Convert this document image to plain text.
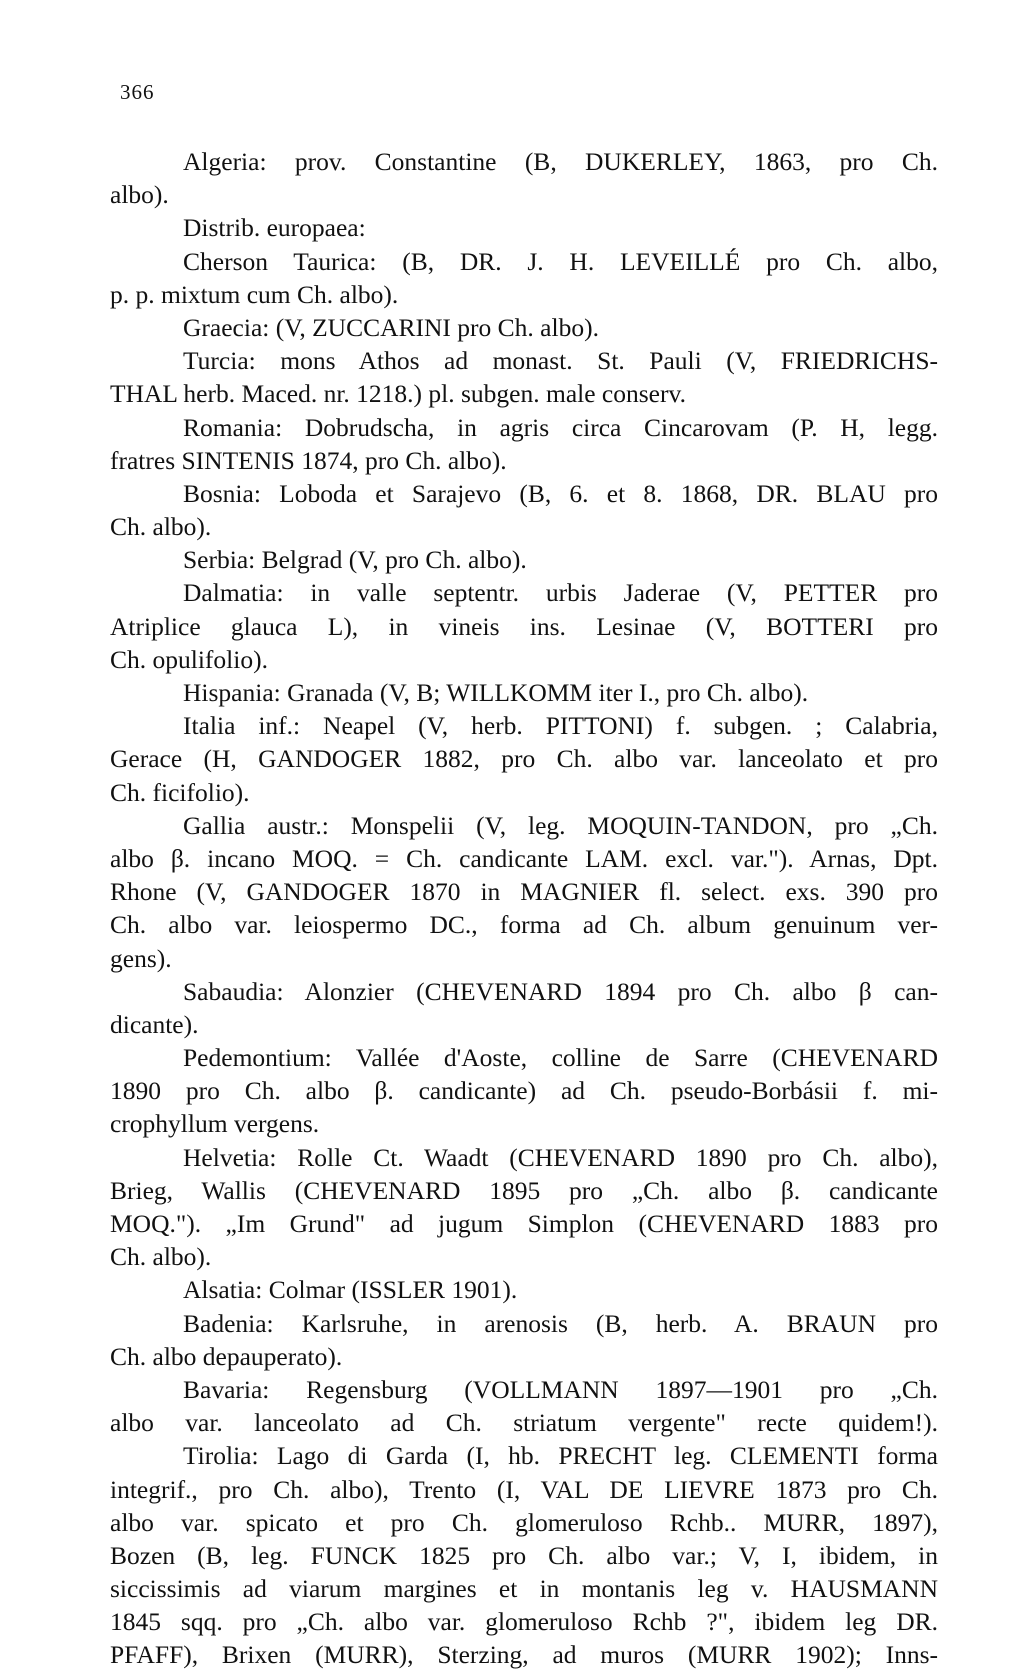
366
Algeria: prov. Constantine (B, DUKERLEY, 1863, pro Ch.
albo).
Distrib. europaea:
Cherson Taurica: (B, DR. J. H. LEVEILLÉ pro Ch. albo,
p. p. mixtum cum Ch. albo).
Graecia: (V, ZUCCARINI pro Ch. albo).
Turcia: mons Athos ad monast. St. Pauli (V, FRIEDRICHS-
THAL herb. Maced. nr. 1218.) pl. subgen. male conserv.
Romania: Dobrudscha, in agris circa Cincarovam (P. H, legg.
fratres SINTENIS 1874, pro Ch. albo).
Bosnia: Loboda et Sarajevo (B, 6. et 8. 1868, DR. BLAU pro
Ch. albo).
Serbia: Belgrad (V, pro Ch. albo).
Dalmatia: in valle septentr. urbis Jaderae (V, PETTER pro
Atriplice glauca L), in vineis ins. Lesinae (V, BOTTERI pro
Ch. opulifolio).
Hispania: Granada (V, B; WILLKOMM iter I., pro Ch. albo).
Italia inf.: Neapel (V, herb. PITTONI) f. subgen. ; Calabria,
Gerace (H, GANDOGER 1882, pro Ch. albo var. lanceolato et pro
Ch. ficifolio).
Gallia austr.: Monspelii (V, leg. MOQUIN-TANDON, pro „Ch.
albo β. incano MOQ. = Ch. candicante LAM. excl. var."). Arnas, Dpt.
Rhone (V, GANDOGER 1870 in MAGNIER fl. select. exs. 390 pro
Ch. albo var. leiospermo DC., forma ad Ch. album genuinum ver-
gens).
Sabaudia: Alonzier (CHEVENARD 1894 pro Ch. albo β can-
dicante).
Pedemontium: Vallée d'Aoste, colline de Sarre (CHEVENARD
1890 pro Ch. albo β. candicante) ad Ch. pseudo-Borbásii f. mi-
crophyllum vergens.
Helvetia: Rolle Ct. Waadt (CHEVENARD 1890 pro Ch. albo),
Brieg, Wallis (CHEVENARD 1895 pro „Ch. albo β. candicante
MOQ."). „Im Grund" ad jugum Simplon (CHEVENARD 1883 pro
Ch. albo).
Alsatia: Colmar (ISSLER 1901).
Badenia: Karlsruhe, in arenosis (B, herb. A. BRAUN pro
Ch. albo depauperato).
Bavaria: Regensburg (VOLLMANN 1897—1901 pro „Ch.
albo var. lanceolato ad Ch. striatum vergente" recte quidem!).
Tirolia: Lago di Garda (I, hb. PRECHT leg. CLEMENTI forma
integrif., pro Ch. albo), Trento (I, VAL DE LIEVRE 1873 pro Ch.
albo var. spicato et pro Ch. glomeruloso Rchb.. MURR, 1897),
Bozen (B, leg. FUNCK 1825 pro Ch. albo var.; V, I, ibidem, in
siccissimis ad viarum margines et in montanis leg v. HAUSMANN
1845 sqq. pro „Ch. albo var. glomeruloso Rchb ?", ibidem leg DR.
PFAFF), Brixen (MURR), Sterzing, ad muros (MURR 1902); Inns-
